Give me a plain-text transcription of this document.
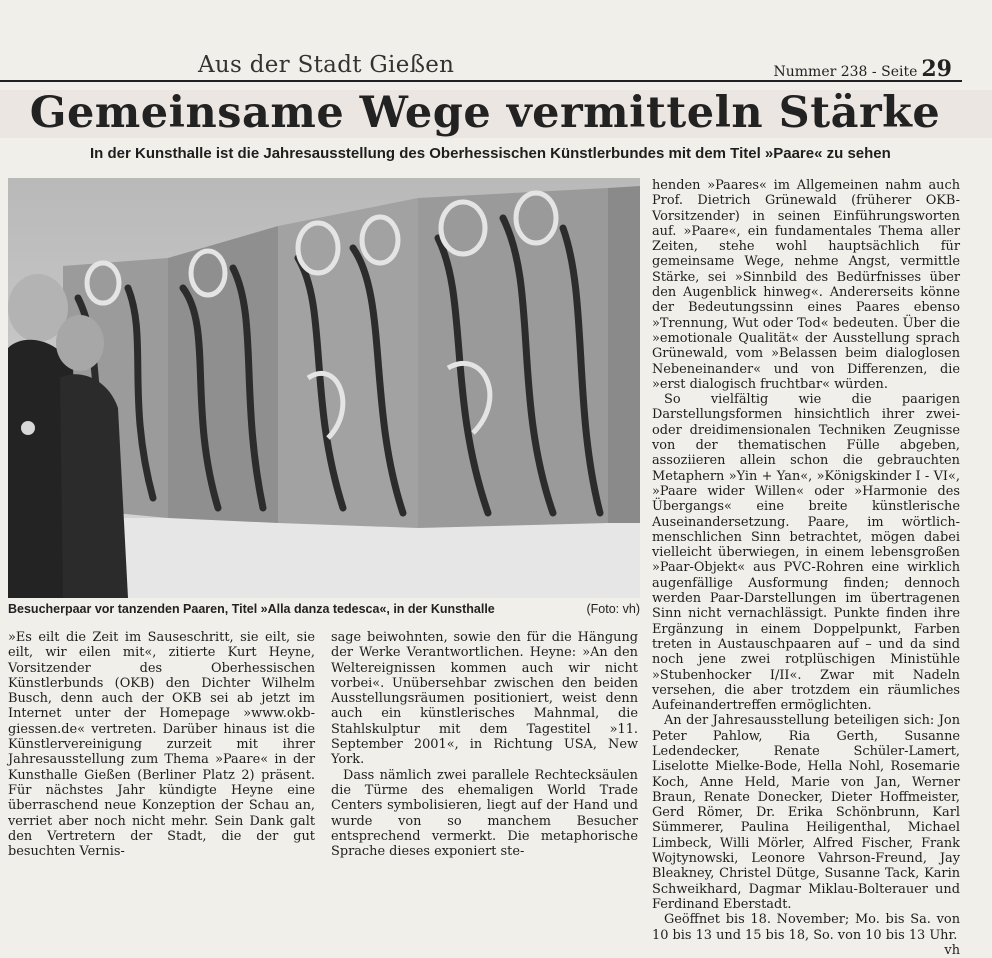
Aus der Stadt Gießen	Nummer 238 - Seite 29
Gemeinsame Wege vermitteln Stärke
In der Kunsthalle ist die Jahresausstellung des Oberhessischen Künstlerbundes mit dem Titel »Paare« zu sehen
Besucherpaar vor tanzenden Paaren, Titel »Alla danza tedesca«, in der Kunsthalle	(Foto: vh)

»Es eilt die Zeit im Sauseschritt, sie eilt, sie eilt, wir eilen mit«, zitierte Kurt Heyne, Vorsitzender des Oberhessischen Künstlerbunds (OKB) den Dichter Wilhelm Busch, denn auch der OKB sei ab jetzt im Internet unter der Homepage »www.okb-giessen.de« vertreten. Darüber hinaus ist die Künstlervereinigung zurzeit mit ihrer Jahresausstellung zum Thema »Paare« in der Kunsthalle Gießen (Berliner Platz 2) präsent. Für nächstes Jahr kündigte Heyne eine überraschend neue Konzeption der Schau an, verriet aber noch nicht mehr. Sein Dank galt den Vertretern der Stadt, die der gut besuchten Vernis-

sage beiwohnten, sowie den für die Hängung der Werke Verantwortlichen. Heyne: »An den Weltereignissen kommen auch wir nicht vorbei«. Unübersehbar zwischen den beiden Ausstellungsräumen positioniert, weist denn auch ein künstlerisches Mahnmal, die Stahlskulptur mit dem Tagestitel »11. September 2001«, in Richtung USA, New York.

Dass nämlich zwei parallele Rechtecksäulen die Türme des ehemaligen World Trade Centers symbolisieren, liegt auf der Hand und wurde von so manchem Besucher entsprechend vermerkt. Die metaphorische Sprache dieses exponiert ste-

henden »Paares« im Allgemeinen nahm auch Prof. Dietrich Grünewald (früherer OKB-Vorsitzender) in seinen Einführungsworten auf. »Paare«, ein fundamentales Thema aller Zeiten, stehe wohl hauptsächlich für gemeinsame Wege, nehme Angst, vermittle Stärke, sei »Sinnbild des Bedürfnisses über den Augenblick hinweg«. Andererseits könne der Bedeutungssinn eines Paares ebenso »Trennung, Wut oder Tod« bedeuten. Über die »emotionale Qualität« der Ausstellung sprach Grünewald, vom »Belassen beim dialoglosen Nebeneinander« und von Differenzen, die »erst dialogisch fruchtbar« würden.

So vielfältig wie die paarigen Darstellungsformen hinsichtlich ihrer zwei- oder dreidimensionalen Techniken Zeugnisse von der thematischen Fülle abgeben, assoziieren allein schon die gebrauchten Metaphern »Yin + Yan«, »Königskinder I - VI«, »Paare wider Willen« oder »Harmonie des Übergangs« eine breite künstlerische Auseinandersetzung. Paare, im wörtlich-menschlichen Sinn betrachtet, mögen dabei vielleicht überwiegen, in einem lebensgroßen »Paar-Objekt« aus PVC-Rohren eine wirklich augenfällige Ausformung finden; dennoch werden Paar-Darstellungen im übertragenen Sinn nicht vernachlässigt. Punkte finden ihre Ergänzung in einem Doppelpunkt, Farben treten in Austauschpaaren auf – und da sind noch jene zwei rotplüschigen Ministühle »Stubenhocker I/II«. Zwar mit Nadeln versehen, die aber trotzdem ein räumliches Aufeinandertreffen ermöglichten.

An der Jahresausstellung beteiligen sich: Jon Peter Pahlow, Ria Gerth, Susanne Ledendecker, Renate Schüler-Lamert, Liselotte Mielke-Bode, Hella Nohl, Rosemarie Koch, Anne Held, Marie von Jan, Werner Braun, Renate Donecker, Dieter Hoffmeister, Gerd Römer, Dr. Erika Schönbrunn, Karl Sümmerer, Paulina Heiligenthal, Michael Limbeck, Willi Mörler, Alfred Fischer, Frank Wojtynowski, Leonore Vahrson-Freund, Jay Bleakney, Christel Dütge, Susanne Tack, Karin Schweikhard, Dagmar Miklau-Bolterauer und Ferdinand Eberstadt.

Geöffnet bis 18. November; Mo. bis Sa. von 10 bis 13 und 15 bis 18, So. von 10 bis 13 Uhr.
vh
